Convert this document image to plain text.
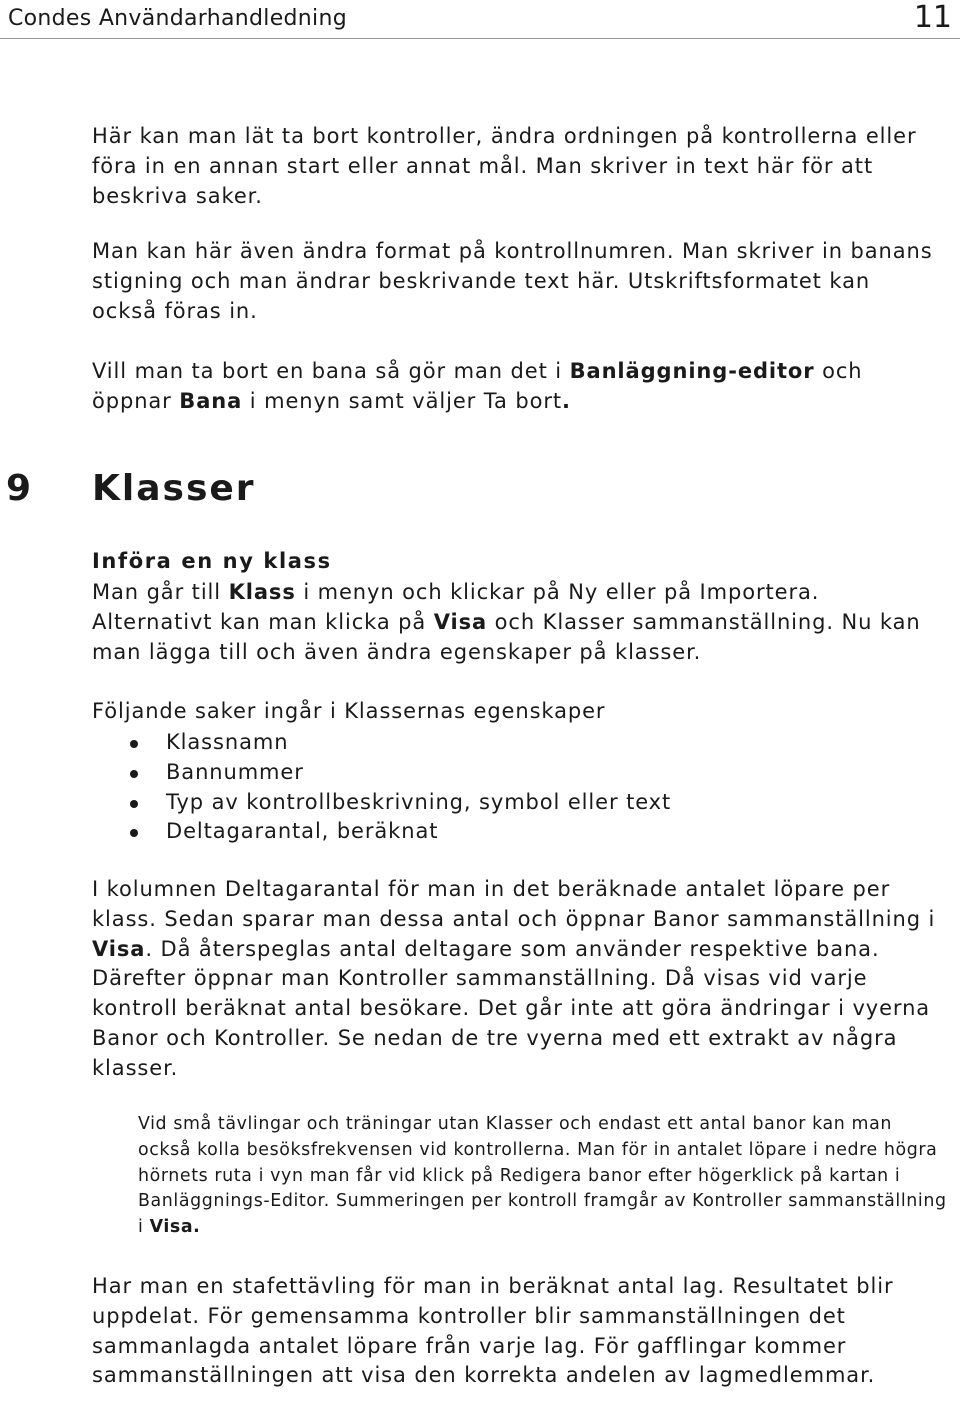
Condes Användarhandledning	11

Här kan man lät ta bort kontroller, ändra ordningen på kontrollerna eller föra in en annan start eller annat mål. Man skriver in text här för att beskriva saker.

Man kan här även ändra format på kontrollnumren. Man skriver in banans stigning och man ändrar beskrivande text här. Utskriftsformatet kan också föras in.

Vill man ta bort en bana så gör man det i Banläggning-editor och öppnar Bana i menyn samt väljer Ta bort.

9 Klasser
Införa en ny klass

Man går till Klass i menyn och klickar på Ny eller på Importera. Alternativt kan man klicka på Visa och Klasser sammanställning. Nu kan man lägga till och även ändra egenskaper på klasser.

Följande saker ingår i Klassernas egenskaper

Klassnamn
Bannummer
Typ av kontrollbeskrivning, symbol eller text
Deltagarantal, beräknat

I kolumnen Deltagarantal för man in det beräknade antalet löpare per klass. Sedan sparar man dessa antal och öppnar Banor sammanställning i Visa. Då återspeglas antal deltagare som använder respektive bana. Därefter öppnar man Kontroller sammanställning. Då visas vid varje kontroll beräknat antal besökare. Det går inte att göra ändringar i vyerna Banor och Kontroller. Se nedan de tre vyerna med ett extrakt av några klasser.

Vid små tävlingar och träningar utan Klasser och endast ett antal banor kan man också kolla besöksfrekvensen vid kontrollerna. Man för in antalet löpare i nedre högra hörnets ruta i vyn man får vid klick på Redigera banor efter högerklick på kartan i Banläggnings-Editor. Summeringen per kontroll framgår av Kontroller sammanställning i Visa.

Har man en stafettävling för man in beräknat antal lag. Resultatet blir uppdelat. För gemensamma kontroller blir sammanställningen det sammanlagda antalet löpare från varje lag. För gafflingar kommer sammanställningen att visa den korrekta andelen av lagmedlemmar.
